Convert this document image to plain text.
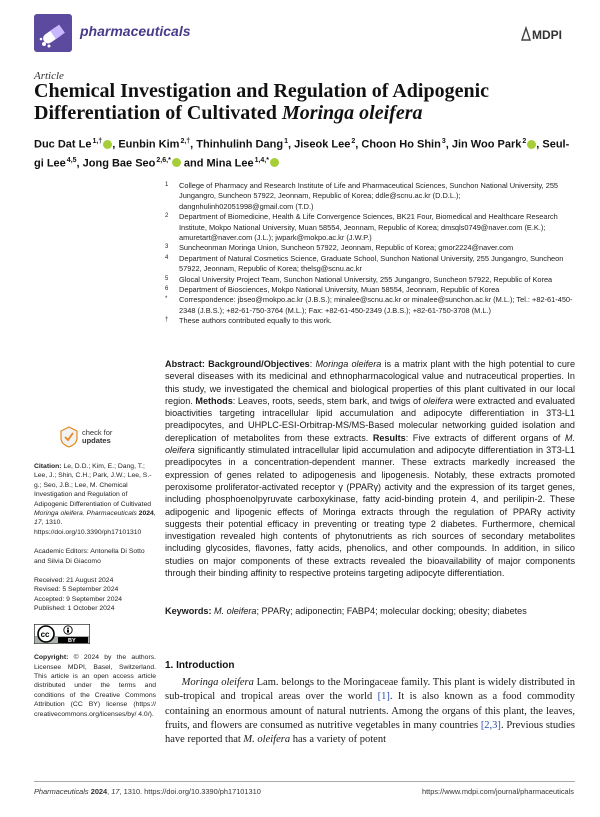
pharmaceuticals	MDPI
Article
Chemical Investigation and Regulation of Adipogenic
Differentiation of Cultivated Moringa oleifera
Duc Dat $Le^{1,\dagger}$ , Eunbin Kim$^{2,\dagger}$, Thinhulinh Dang$^1$, Jiseok Lee$^2$, Choon Ho Shin$^3$, Jin Woo Park$^2$ , Seul-gi Lee$^{4,5}$, Jong Bae Seo$^{2,6,*}$ and Mina Lee$^{1,4,*}$
1 College of Pharmacy and Research Institute of Life and Pharmaceutical Sciences, Sunchon National University, 255 Jungangro, Suncheon 57922, Jeonnam, Republic of Korea; ddle@scnu.ac.kr (D.D.L.); dangnhulinh02051998@gmail.com (T.D.)
2 Department of Biomedicine, Health & Life Convergence Sciences, BK21 Four, Biomedical and Healthcare Research Institute, Mokpo National University, Muan 58554, Jeonnam, Republic of Korea; dmsqls0749@naver.com (E.K.); amuretart@naver.com (J.L.); jwpark@mokpo.ac.kr (J.W.P.)
3 Suncheonman Moringa Union, Suncheon 57922, Jeonnam, Republic of Korea; gmor2224@naver.com
4 Department of Natural Cosmetics Science, Graduate School, Sunchon National University, 255 Jungangro, Suncheon 57922, Jeonnam, Republic of Korea; thelsg@scnu.ac.kr
5 Glocal University Project Team, Sunchon National University, 255 Jungangro, Suncheon 57922, Republic of Korea
6 Department of Biosciences, Mokpo National University, Muan 58554, Jeonnam, Republic of Korea
* Correspondence: jbseo@mokpo.ac.kr (J.B.S.); minalee@scnu.ac.kr or minalee@sunchon.ac.kr (M.L.); Tel.: +82-61-450-2348 (J.B.S.); +82-61-750-3764 (M.L.); Fax: +82-61-450-2349 (J.B.S.); +82-61-750-3708 (M.L.)
† These authors contributed equally to this work.
check for
updates
Citation: Le, D.D.; Kim, E.; Dang, T.; Lee, J.; Shin, C.H.; Park, J.W.; Lee, S.-g.; Seo, J.B.; Lee, M. Chemical Investigation and Regulation of Adipogenic Differentiation of Cultivated Moringa oleifera. Pharmaceuticals 2024, 17, 1310. https://doi.org/10.3390/ph17101310
Academic Editors: Antonella Di Sotto and Silvia Di Giacomo
Received: 21 August 2024
Revised: 5 September 2024
Accepted: 9 September 2024
Published: 1 October 2024
cc
BY
Copyright: © 2024 by the authors. Licensee MDPI, Basel, Switzerland. This article is an open access article distributed under the terms and conditions of the Creative Commons Attribution (CC BY) license (https:// creativecommons.org/licenses/by/ 4.0/).
Abstract: Background/Objectives: Moringa oleifera is a matrix plant with the high potential to cure several diseases with its medicinal and ethnopharmacological value and nutraceutical properties. In this study, we investigated the chemical and biological properties of this plant cultivated in our local region. Methods: Leaves, roots, seeds, stem bark, and twigs of oleifera were extracted and evaluated bioactivities targeting intracellular lipid accumulation and adipocyte differentiation in 3T3-L1 preadipocytes, and UHPLC-ESI-Orbitrap-MS/MS-Based molecular networking guided isolation and dereplication of metabolites from these extracts. Results: Five extracts of different organs of M. oleifera significantly stimulated intracellular lipid accumulation and adipocyte differentiation in 3T3-L1 preadipocytes in a concentration-dependent manner. These extracts markedly increased the expression of genes related to adipogenesis and lipogenesis. Notably, these extracts promoted peroxisome proliferator-activated receptor γ (PPARγ) activity and the expression of its target genes, including phosphoenolpyruvate carboxykinase, fatty acid-binding protein 4, and perilipin-2. These adipogenic and lipogenic effects of Moringa extracts through the regulation of PPARγ activity suggests their potential efficacy in preventing or treating type 2 diabetes. Furthermore, chemical investigation revealed high contents of phytonutrients as rich sources of secondary metabolites including glycosides, flavones, fatty acids, phenolics, and other compounds. In addition, in silico studies on major components of these extracts revealed the bioavailability of major components through their binding affinity to respective proteins targeting adipocyte differentiation.
Keywords: M. oleifera; PPARγ; adiponectin; FABP4; molecular docking; obesity; diabetes
1. Introduction
Moringa oleifera Lam. belongs to the Moringaceae family. This plant is widely distributed in sub-tropical and tropical areas over the world [1]. It is also known as a food commodity containing an enormous amount of natural nutrients. Among the organs of this plant, the leaves, fruits, and flowers are consumed as nutritive vegetables in many countries [2,3]. Previous studies have reported that M. oleifera has a variety of potent
Pharmaceuticals 2024, 17, 1310. https://doi.org/10.3390/ph17101310	https://www.mdpi.com/journal/pharmaceuticals
